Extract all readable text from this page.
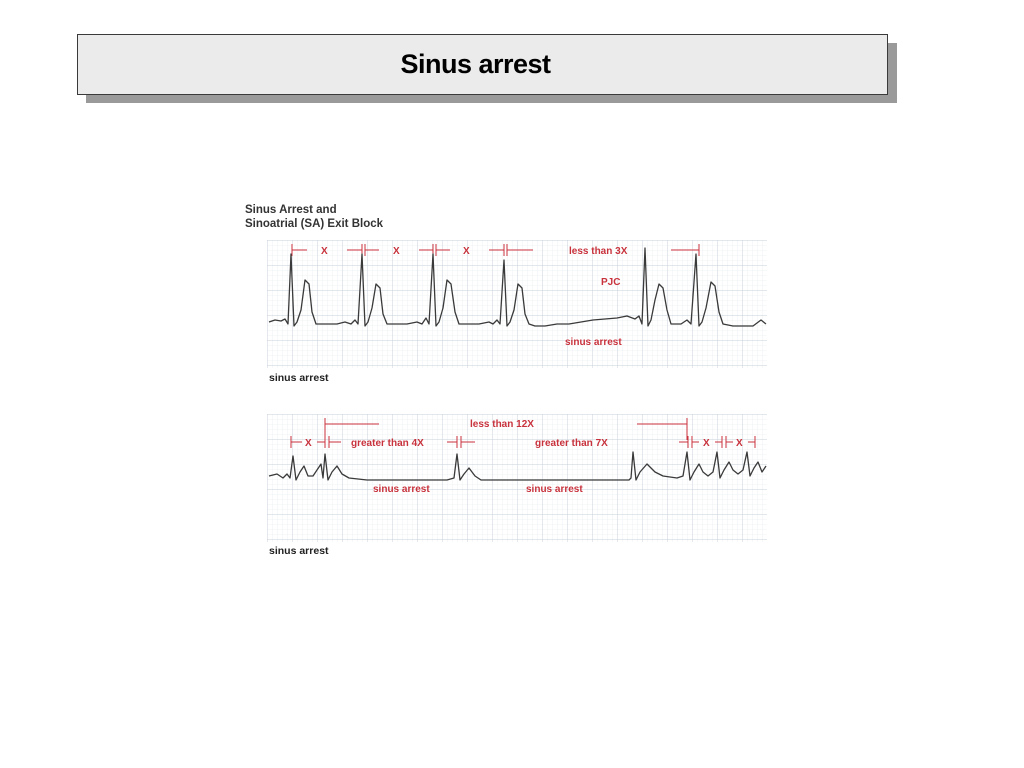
Sinus arrest
Sinus Arrest and
Sinoatrial (SA) Exit Block
X	X	X	less than 3X
PJC
sinus arrest
sinus arrest
X	greater than 4X
less than 12X
greater than 7X	X	X
sinus arrest	sinus arrest
sinus arrest
